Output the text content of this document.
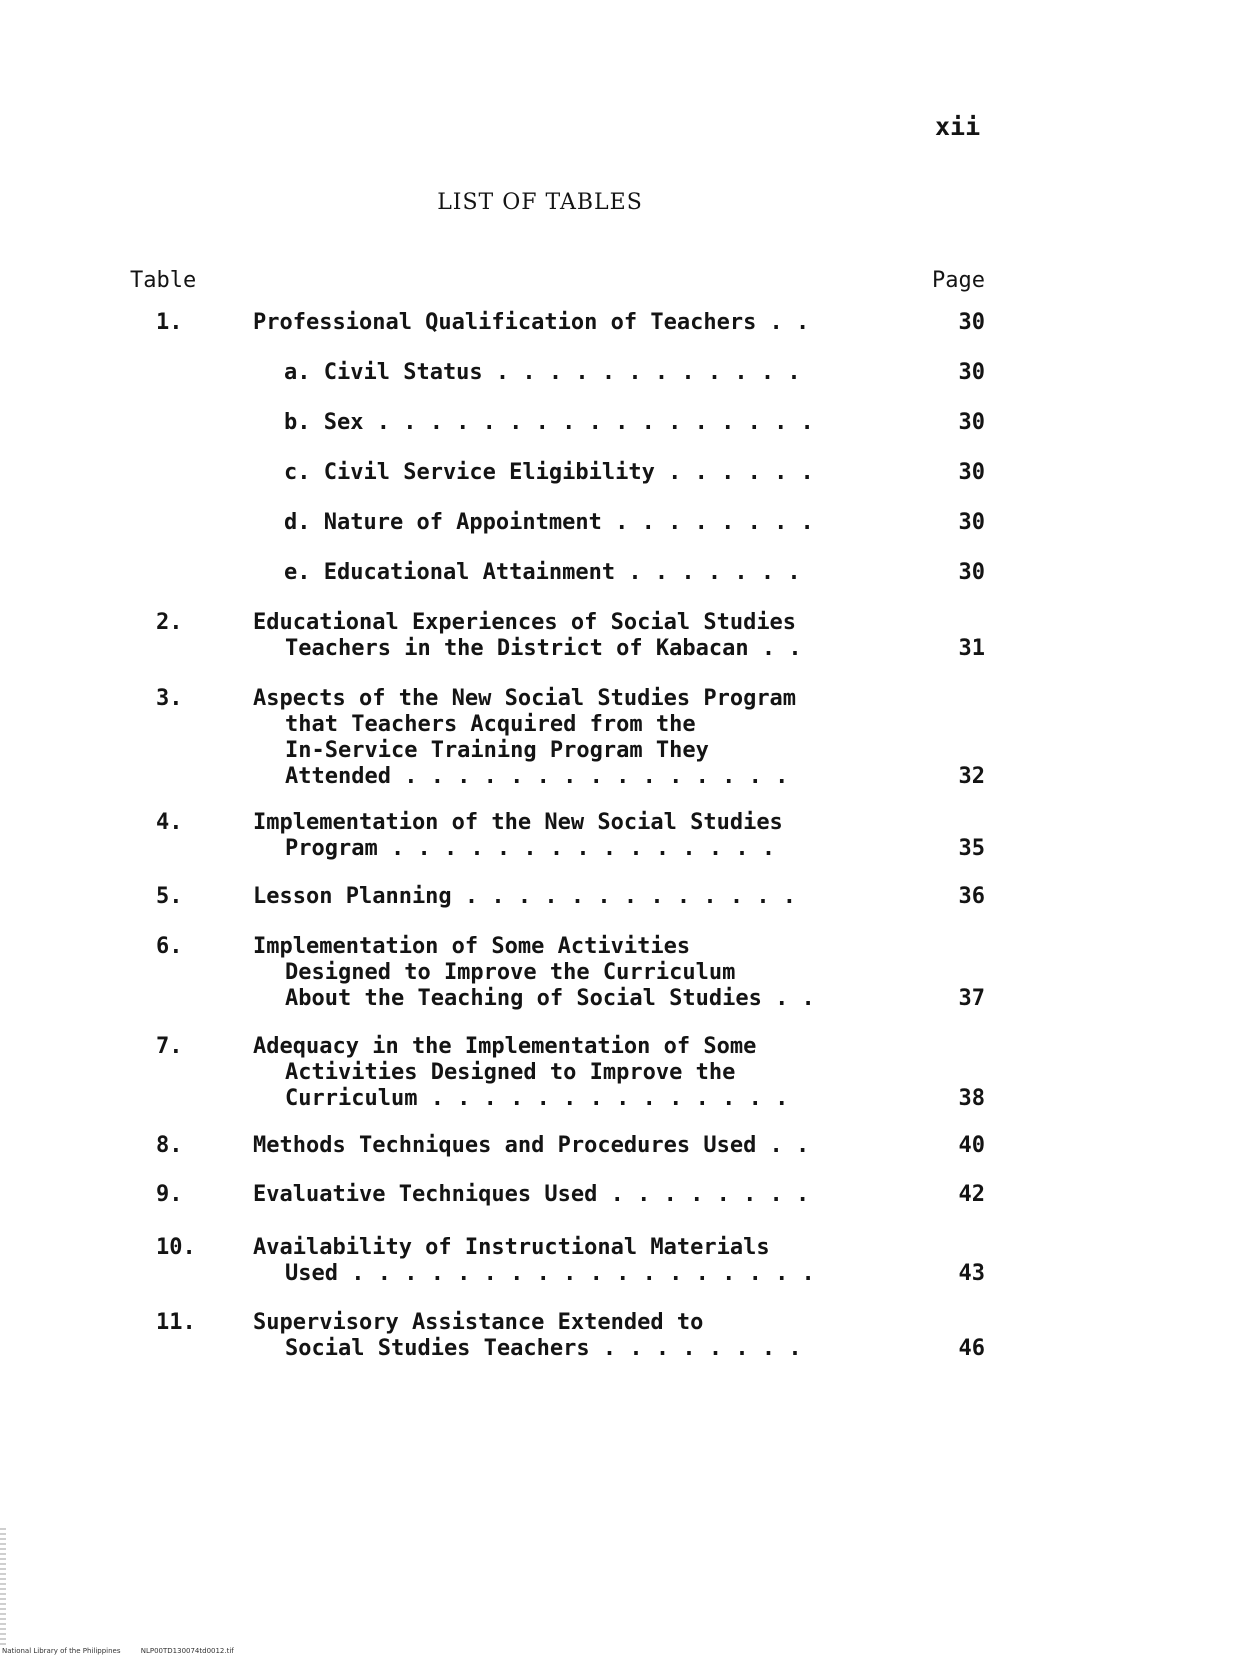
xii
LIST OF TABLES
Table	Page
1.	Professional Qualification of Teachers . .	30
a. Civil Status . . . . . . . . . . . .	30
b. Sex . . . . . . . . . . . . . . . . .	30
c. Civil Service Eligibility . . . . . .	30
d. Nature of Appointment . . . . . . . .	30
e. Educational Attainment . . . . . . .	30
2.	Educational Experiences of Social Studies
Teachers in the District of Kabacan . .	31
3.	Aspects of the New Social Studies Program
that Teachers Acquired from the
In-Service Training Program They
Attended . . . . . . . . . . . . . . .	32
4.	Implementation of the New Social Studies
Program . . . . . . . . . . . . . . .	35
5.	Lesson Planning . . . . . . . . . . . . .	36
6.	Implementation of Some Activities
Designed to Improve the Curriculum
About the Teaching of Social Studies . .	37
7.	Adequacy in the Implementation of Some
Activities Designed to Improve the
Curriculum . . . . . . . . . . . . . .	38
8.	Methods Techniques and Procedures Used . .	40
9.	Evaluative Techniques Used . . . . . . . .	42
10.	Availability of Instructional Materials
Used . . . . . . . . . . . . . . . . . .	43
11.	Supervisory Assistance Extended to
Social Studies Teachers . . . . . . . .	46
National Library of the Philippines	NLP00TD130074td0012.tif
